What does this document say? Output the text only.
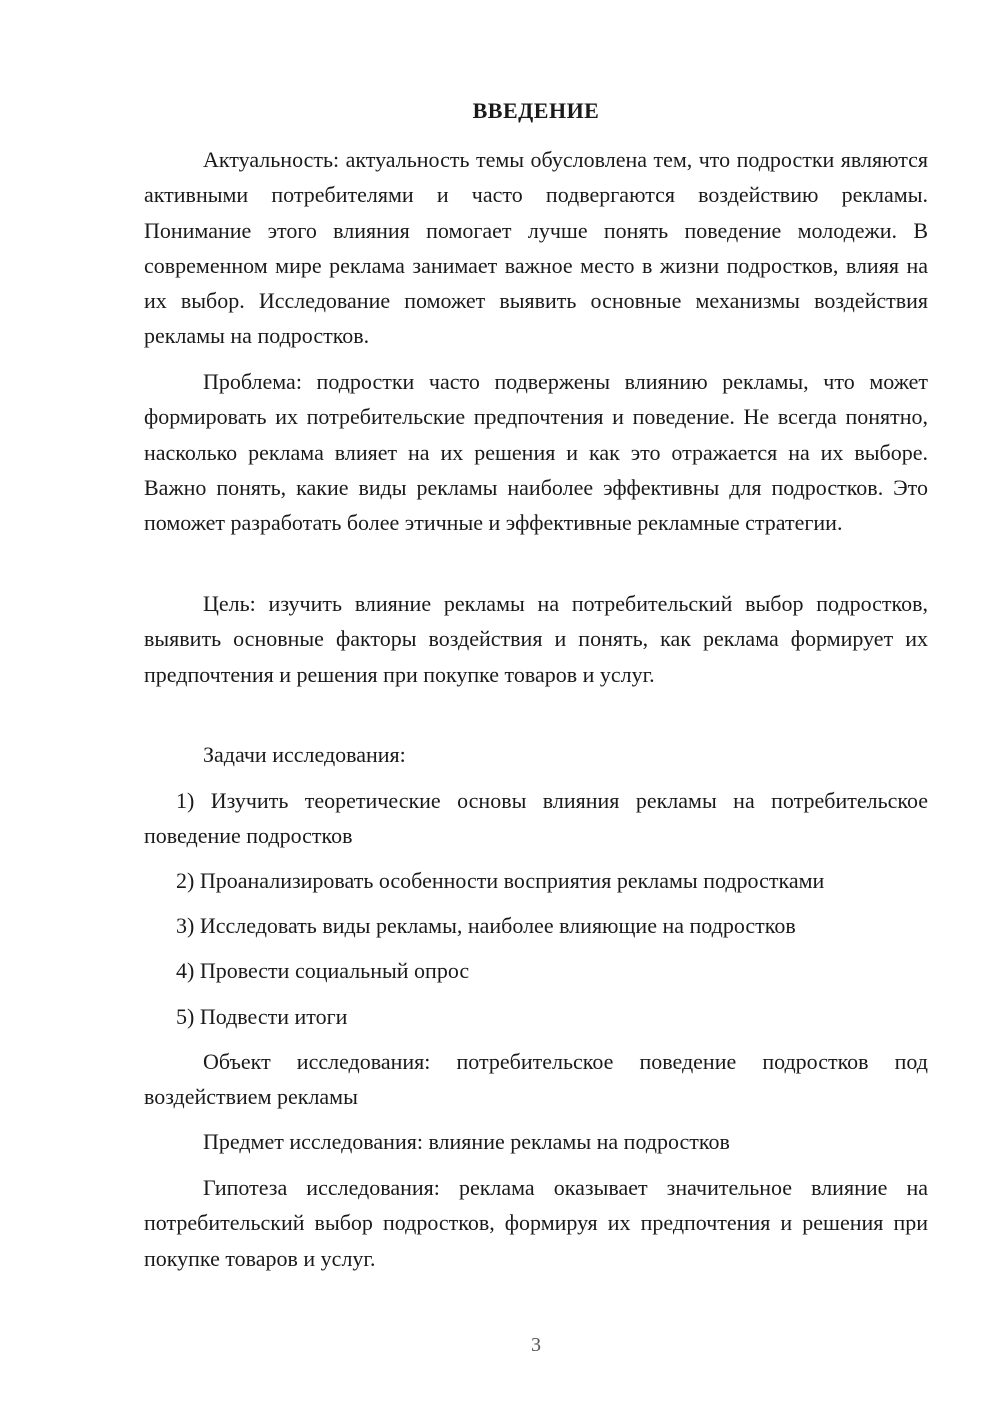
ВВЕДЕНИЕ

Актуальность: актуальность темы обусловлена тем, что подростки являются активными потребителями и часто подвергаются воздействию рекламы. Понимание этого влияния помогает лучше понять поведение молодежи. В современном мире реклама занимает важное место в жизни подростков, влияя на их выбор. Исследование поможет выявить основные механизмы воздействия рекламы на подростков.

Проблема: подростки часто подвержены влиянию рекламы, что может формировать их потребительские предпочтения и поведение. Не всегда понятно, насколько реклама влияет на их решения и как это отражается на их выборе. Важно понять, какие виды рекламы наиболее эффективны для подростков. Это поможет разработать более этичные и эффективные рекламные стратегии.

Цель: изучить влияние рекламы на потребительский выбор подростков, выявить основные факторы воздействия и понять, как реклама формирует их предпочтения и решения при покупке товаров и услуг.

Задачи исследования:

1) Изучить теоретические основы влияния рекламы на потребительское поведение подростков

2) Проанализировать особенности восприятия рекламы подростками

3) Исследовать виды рекламы, наиболее влияющие на подростков

4) Провести социальный опрос

5) Подвести итоги

Объект исследования: потребительское поведение подростков под воздействием рекламы

Предмет исследования: влияние рекламы на подростков

Гипотеза исследования: реклама оказывает значительное влияние на потребительский выбор подростков, формируя их предпочтения и решения при покупке товаров и услуг.

3
